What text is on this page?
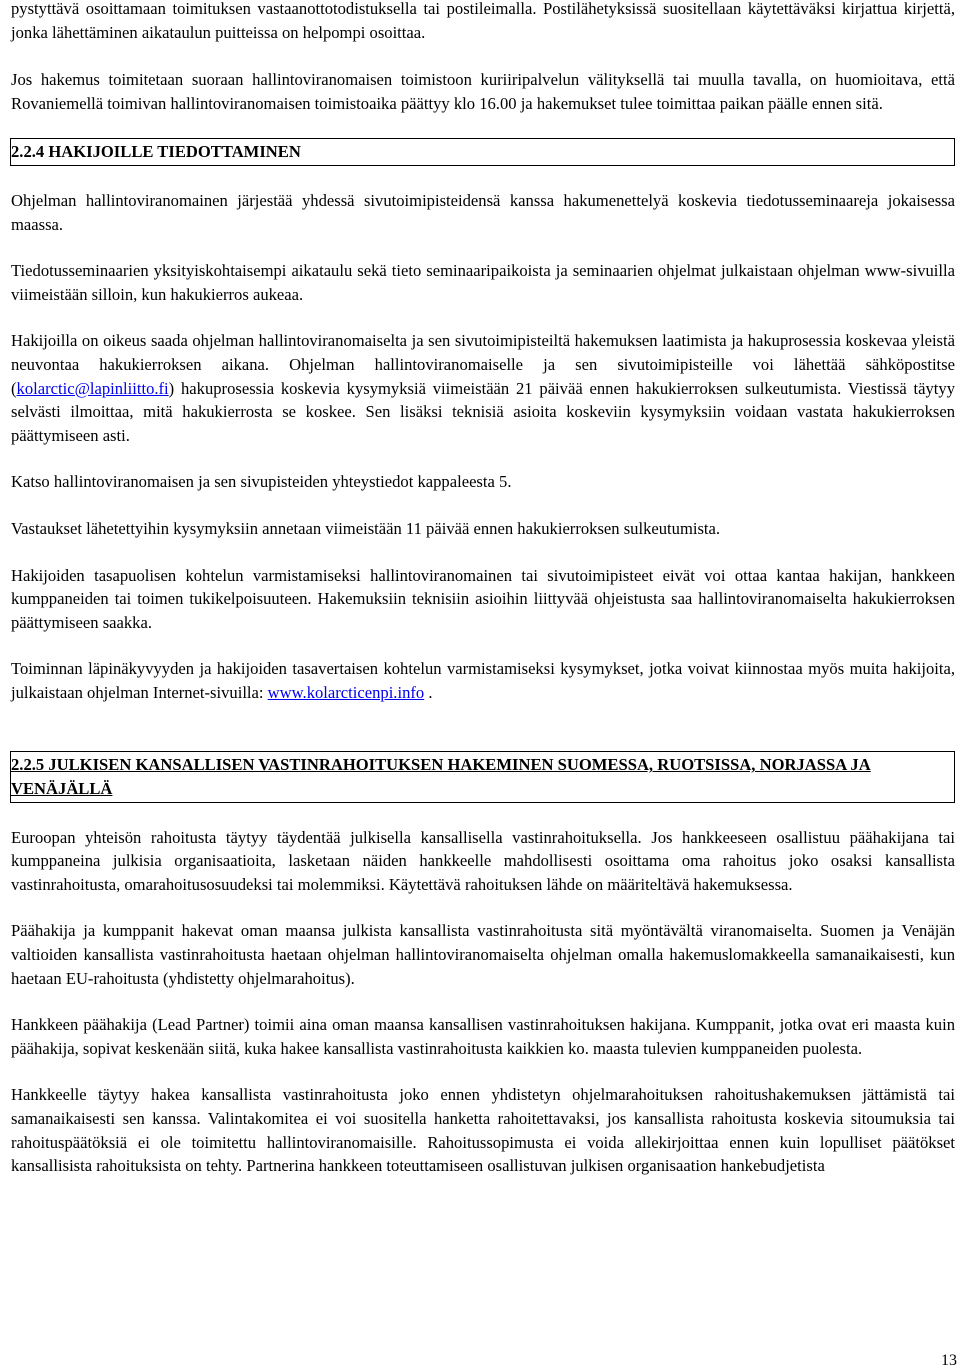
pystyttävä osoittamaan toimituksen vastaanottotodistuksella tai postileimalla. Postilähetyksissä suositellaan käytettäväksi kirjattua kirjettä, jonka lähettäminen aikataulun puitteissa on helpompi osoittaa.

Jos hakemus toimitetaan suoraan hallintoviranomaisen toimistoon kuriiripalvelun välityksellä tai muulla tavalla, on huomioitava, että Rovaniemellä toimivan hallintoviranomaisen toimistoaika päättyy klo 16.00 ja hakemukset tulee toimittaa paikan päälle ennen sitä.

2.2.4 HAKIJOILLE TIEDOTTAMINEN

Ohjelman hallintoviranomainen järjestää yhdessä sivutoimipisteidensä kanssa hakumenettelyä koskevia tiedotusseminaareja jokaisessa maassa.

Tiedotusseminaarien yksityiskohtaisempi aikataulu sekä tieto seminaaripaikoista ja seminaarien ohjelmat julkaistaan ohjelman www-sivuilla viimeistään silloin, kun hakukierros aukeaa.

Hakijoilla on oikeus saada ohjelman hallintoviranomaiselta ja sen sivutoimipisteiltä hakemuksen laatimista ja hakuprosessia koskevaa yleistä neuvontaa hakukierroksen aikana. Ohjelman hallintoviranomaiselle ja sen sivutoimipisteille voi lähettää sähköpostitse (kolarctic@lapinliitto.fi) hakuprosessia koskevia kysymyksiä viimeistään 21 päivää ennen hakukierroksen sulkeutumista. Viestissä täytyy selvästi ilmoittaa, mitä hakukierrosta se koskee. Sen lisäksi teknisiä asioita koskeviin kysymyksiin voidaan vastata hakukierroksen päättymiseen asti.

Katso hallintoviranomaisen ja sen sivupisteiden yhteystiedot kappaleesta 5.

Vastaukset lähetettyihin kysymyksiin annetaan viimeistään 11 päivää ennen hakukierroksen sulkeutumista.

Hakijoiden tasapuolisen kohtelun varmistamiseksi hallintoviranomainen tai sivutoimipisteet eivät voi ottaa kantaa hakijan, hankkeen kumppaneiden tai toimen tukikelpoisuuteen. Hakemuksiin teknisiin asioihin liittyvää ohjeistusta saa hallintoviranomaiselta hakukierroksen päättymiseen saakka.

Toiminnan läpinäkyvyyden ja hakijoiden tasavertaisen kohtelun varmistamiseksi kysymykset, jotka voivat kiinnostaa myös muita hakijoita, julkaistaan ohjelman Internet-sivuilla: www.kolarcticenpi.info .

2.2.5 JULKISEN KANSALLISEN VASTINRAHOITUKSEN HAKEMINEN SUOMESSA, RUOTSISSA, NORJASSA JA VENÄJÄLLÄ

Euroopan yhteisön rahoitusta täytyy täydentää julkisella kansallisella vastinrahoituksella. Jos hankkeeseen osallistuu päähakijana tai kumppaneina julkisia organisaatioita, lasketaan näiden hankkeelle mahdollisesti osoittama oma rahoitus joko osaksi kansallista vastinrahoitusta, omarahoitusosuudeksi tai molemmiksi. Käytettävä rahoituksen lähde on määriteltävä hakemuksessa.

Päähakija ja kumppanit hakevat oman maansa julkista kansallista vastinrahoitusta sitä myöntävältä viranomaiselta. Suomen ja Venäjän valtioiden kansallista vastinrahoitusta haetaan ohjelman hallintoviranomaiselta ohjelman omalla hakemuslomakkeella samanaikaisesti, kun haetaan EU-rahoitusta (yhdistetty ohjelmarahoitus).

Hankkeen päähakija (Lead Partner) toimii aina oman maansa kansallisen vastinrahoituksen hakijana. Kumppanit, jotka ovat eri maasta kuin päähakija, sopivat keskenään siitä, kuka hakee kansallista vastinrahoitusta kaikkien ko. maasta tulevien kumppaneiden puolesta.

Hankkeelle täytyy hakea kansallista vastinrahoitusta joko ennen yhdistetyn ohjelmarahoituksen rahoitushakemuksen jättämistä tai samanaikaisesti sen kanssa. Valintakomitea ei voi suositella hanketta rahoitettavaksi, jos kansallista rahoitusta koskevia sitoumuksia tai rahoituspäätöksiä ei ole toimitettu hallintoviranomaisille. Rahoitussopimusta ei voida allekirjoittaa ennen kuin lopulliset päätökset kansallisista rahoituksista on tehty. Partnerina hankkeen toteuttamiseen osallistuvan julkisen organisaation hankebudjetista

13
